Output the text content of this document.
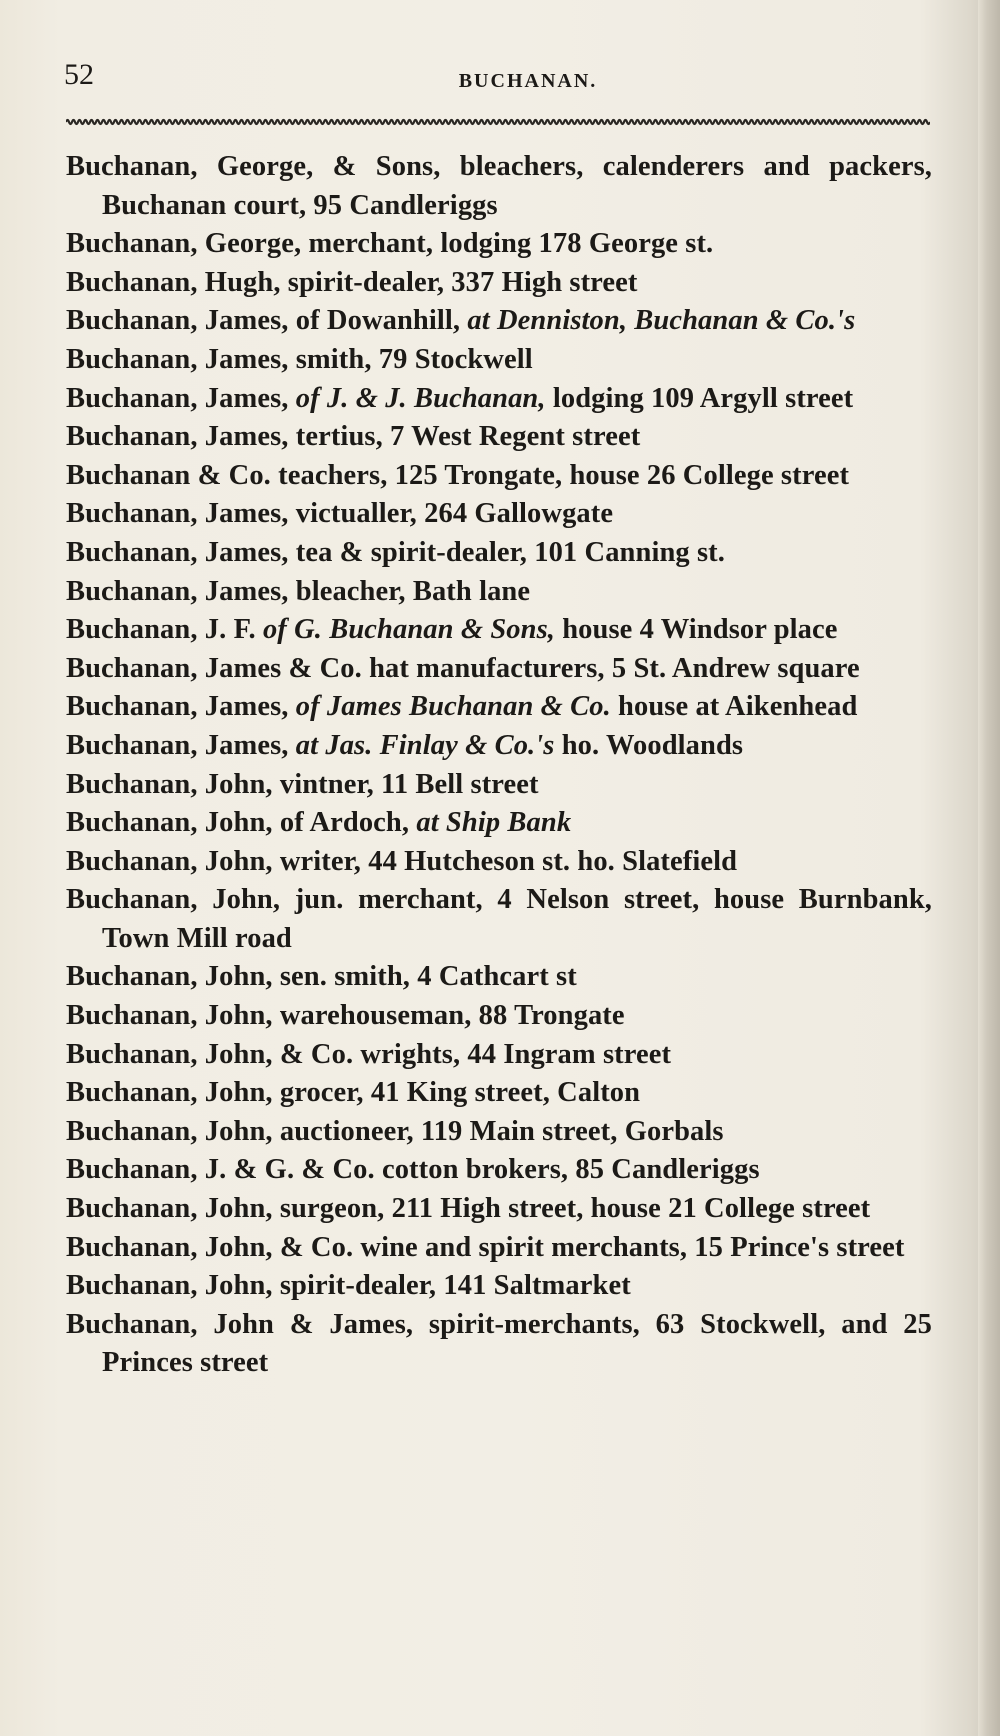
52	BUCHANAN.
Buchanan, George, & Sons, bleachers, calenderers and packers, Buchanan court, 95 Candleriggs
Buchanan, George, merchant, lodging 178 George st.
Buchanan, Hugh, spirit-dealer, 337 High street
Buchanan, James, of Dowanhill, at Denniston, Buchanan & Co.'s
Buchanan, James, smith, 79 Stockwell
Buchanan, James, of J. & J. Buchanan, lodging 109 Argyll street
Buchanan, James, tertius, 7 West Regent street
Buchanan & Co. teachers, 125 Trongate, house 26 College street
Buchanan, James, victualler, 264 Gallowgate
Buchanan, James, tea & spirit-dealer, 101 Canning st.
Buchanan, James, bleacher, Bath lane
Buchanan, J. F. of G. Buchanan & Sons, house 4 Windsor place
Buchanan, James & Co. hat manufacturers, 5 St. Andrew square
Buchanan, James, of James Buchanan & Co. house at Aikenhead
Buchanan, James, at Jas. Finlay & Co.'s ho. Woodlands
Buchanan, John, vintner, 11 Bell street
Buchanan, John, of Ardoch, at Ship Bank
Buchanan, John, writer, 44 Hutcheson st. ho. Slatefield
Buchanan, John, jun. merchant, 4 Nelson street, house Burnbank, Town Mill road
Buchanan, John, sen. smith, 4 Cathcart st
Buchanan, John, warehouseman, 88 Trongate
Buchanan, John, & Co. wrights, 44 Ingram street
Buchanan, John, grocer, 41 King street, Calton
Buchanan, John, auctioneer, 119 Main street, Gorbals
Buchanan, J. & G. & Co. cotton brokers, 85 Candleriggs
Buchanan, John, surgeon, 211 High street, house 21 College street
Buchanan, John, & Co. wine and spirit merchants, 15 Prince's street
Buchanan, John, spirit-dealer, 141 Saltmarket
Buchanan, John & James, spirit-merchants, 63 Stockwell, and 25 Princes street
